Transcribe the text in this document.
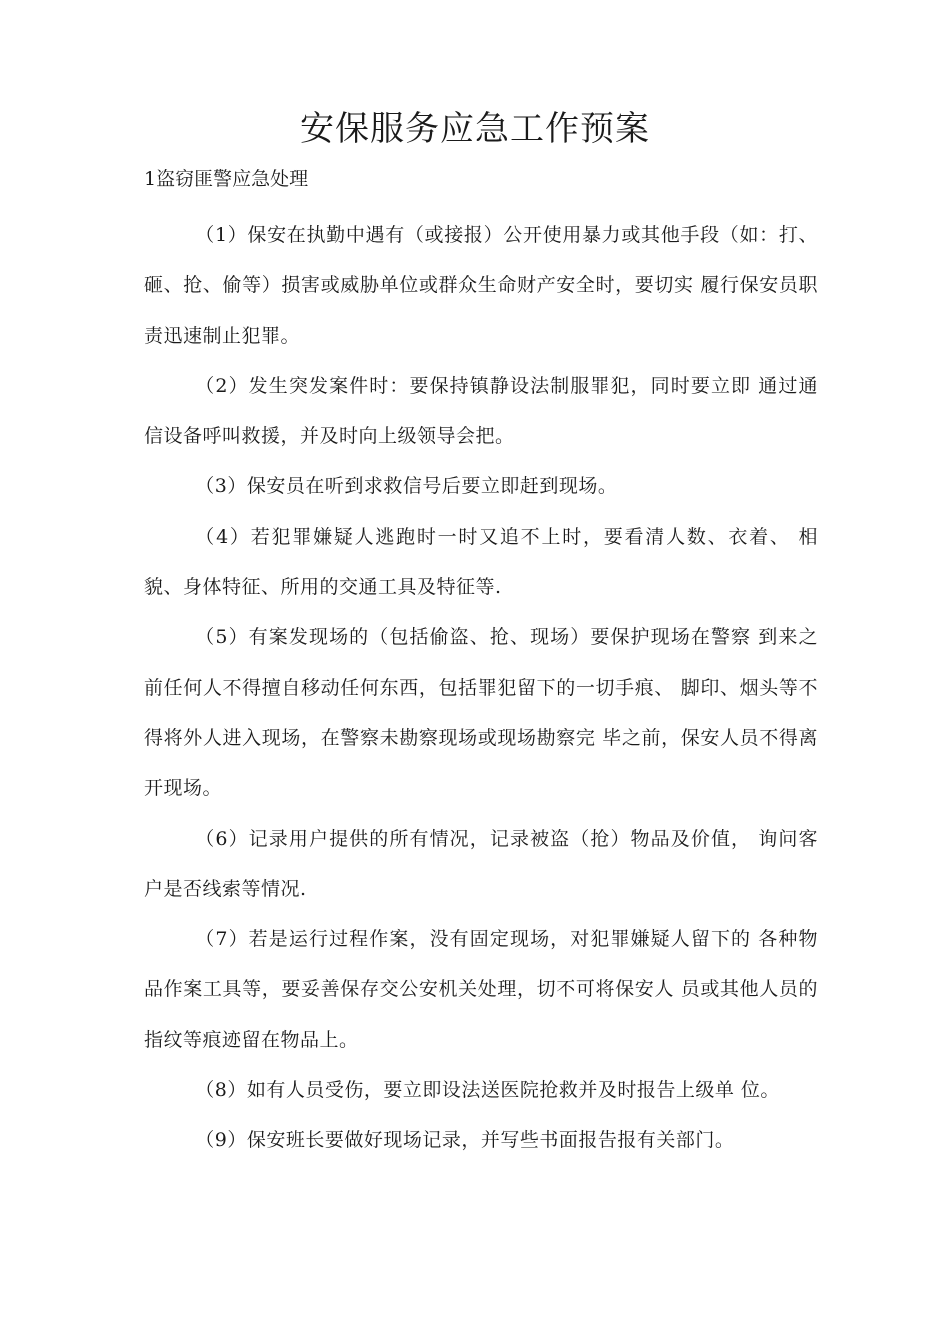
安保服务应急工作预案

1盗窃匪警应急处理

（1）保安在执勤中遇有（或接报）公开使用暴力或其他手段（如：打、砸、抢、偷等）损害或威胁单位或群众生命财产安全时，要切实 履行保安员职责迅速制止犯罪。

（2）发生突发案件时：要保持镇静设法制服罪犯，同时要立即 通过通信设备呼叫救援，并及时向上级领导会把。

（3）保安员在听到求救信号后要立即赶到现场。

（4）若犯罪嫌疑人逃跑时一时又追不上时，要看清人数、衣着、 相貌、身体特征、所用的交通工具及特征等.

（5）有案发现场的（包括偷盗、抢、现场）要保护现场在警察 到来之前任何人不得擅自移动任何东西，包括罪犯留下的一切手痕、 脚印、烟头等不得将外人进入现场，在警察未勘察现场或现场勘察完 毕之前，保安人员不得离开现场。

（6）记录用户提供的所有情况，记录被盗（抢）物品及价值， 询问客户是否线索等情况.

（7）若是运行过程作案，没有固定现场，对犯罪嫌疑人留下的 各种物品作案工具等，要妥善保存交公安机关处理，切不可将保安人 员或其他人员的指纹等痕迹留在物品上。

（8）如有人员受伤，要立即设法送医院抢救并及时报告上级单 位。

（9）保安班长要做好现场记录，并写些书面报告报有关部门。
